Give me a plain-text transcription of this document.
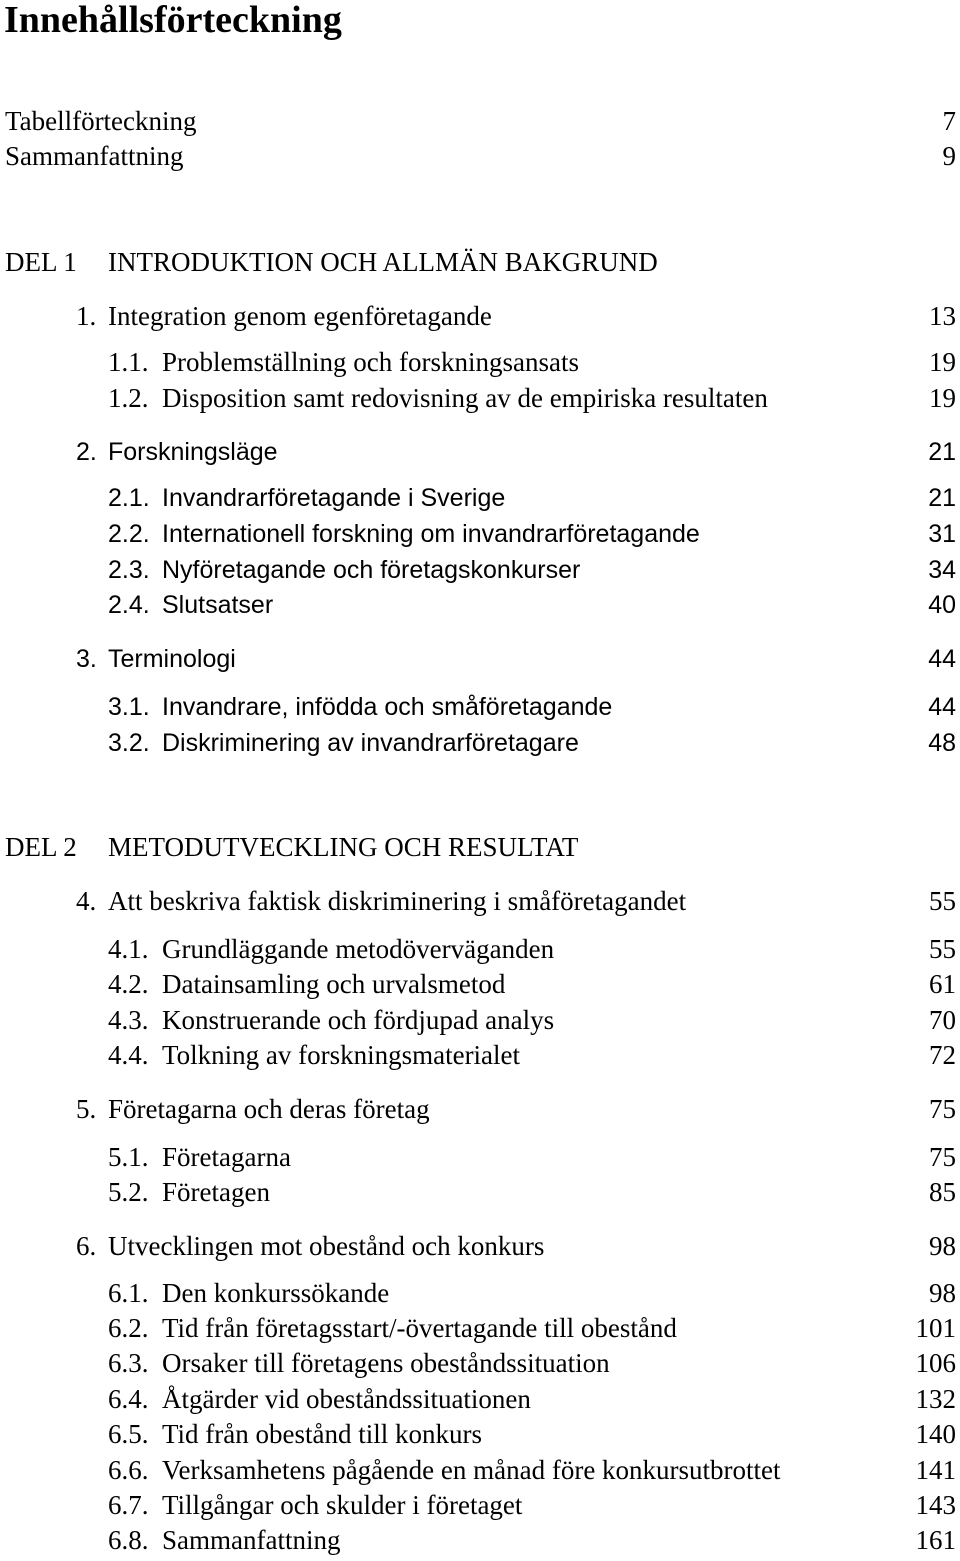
Innehållsförteckning
Tabellförteckning	7
Sammanfattning	9
DEL 1 INTRODUKTION OCH ALLMÄN BAKGRUND
1. Integration genom egenföretagande	13
1.1. Problemställning och forskningsansats	19
1.2. Disposition samt redovisning av de empiriska resultaten	19
2. Forskningsläge	21
2.1. Invandrarföretagande i Sverige	21
2.2. Internationell forskning om invandrarföretagande	31
2.3. Nyföretagande och företagskonkurser	34
2.4. Slutsatser	40
3. Terminologi	44
3.1. Invandrare, infödda och småföretagande	44
3.2. Diskriminering av invandrarföretagare	48
DEL 2 METODUTVECKLING OCH RESULTAT
4. Att beskriva faktisk diskriminering i småföretagandet	55
4.1. Grundläggande metodöverväganden	55
4.2. Datainsamling och urvalsmetod	61
4.3. Konstruerande och fördjupad analys	70
4.4. Tolkning av forskningsmaterialet	72
5. Företagarna och deras företag	75
5.1. Företagarna	75
5.2. Företagen	85
6. Utvecklingen mot obestånd och konkurs	98
6.1. Den konkurssökande	98
6.2. Tid från företagsstart/-övertagande till obestånd	101
6.3. Orsaker till företagens obeståndssituation	106
6.4. Åtgärder vid obeståndssituationen	132
6.5. Tid från obestånd till konkurs	140
6.6. Verksamhetens pågående en månad före konkursutbrottet	141
6.7. Tillgångar och skulder i företaget	143
6.8. Sammanfattning	161
